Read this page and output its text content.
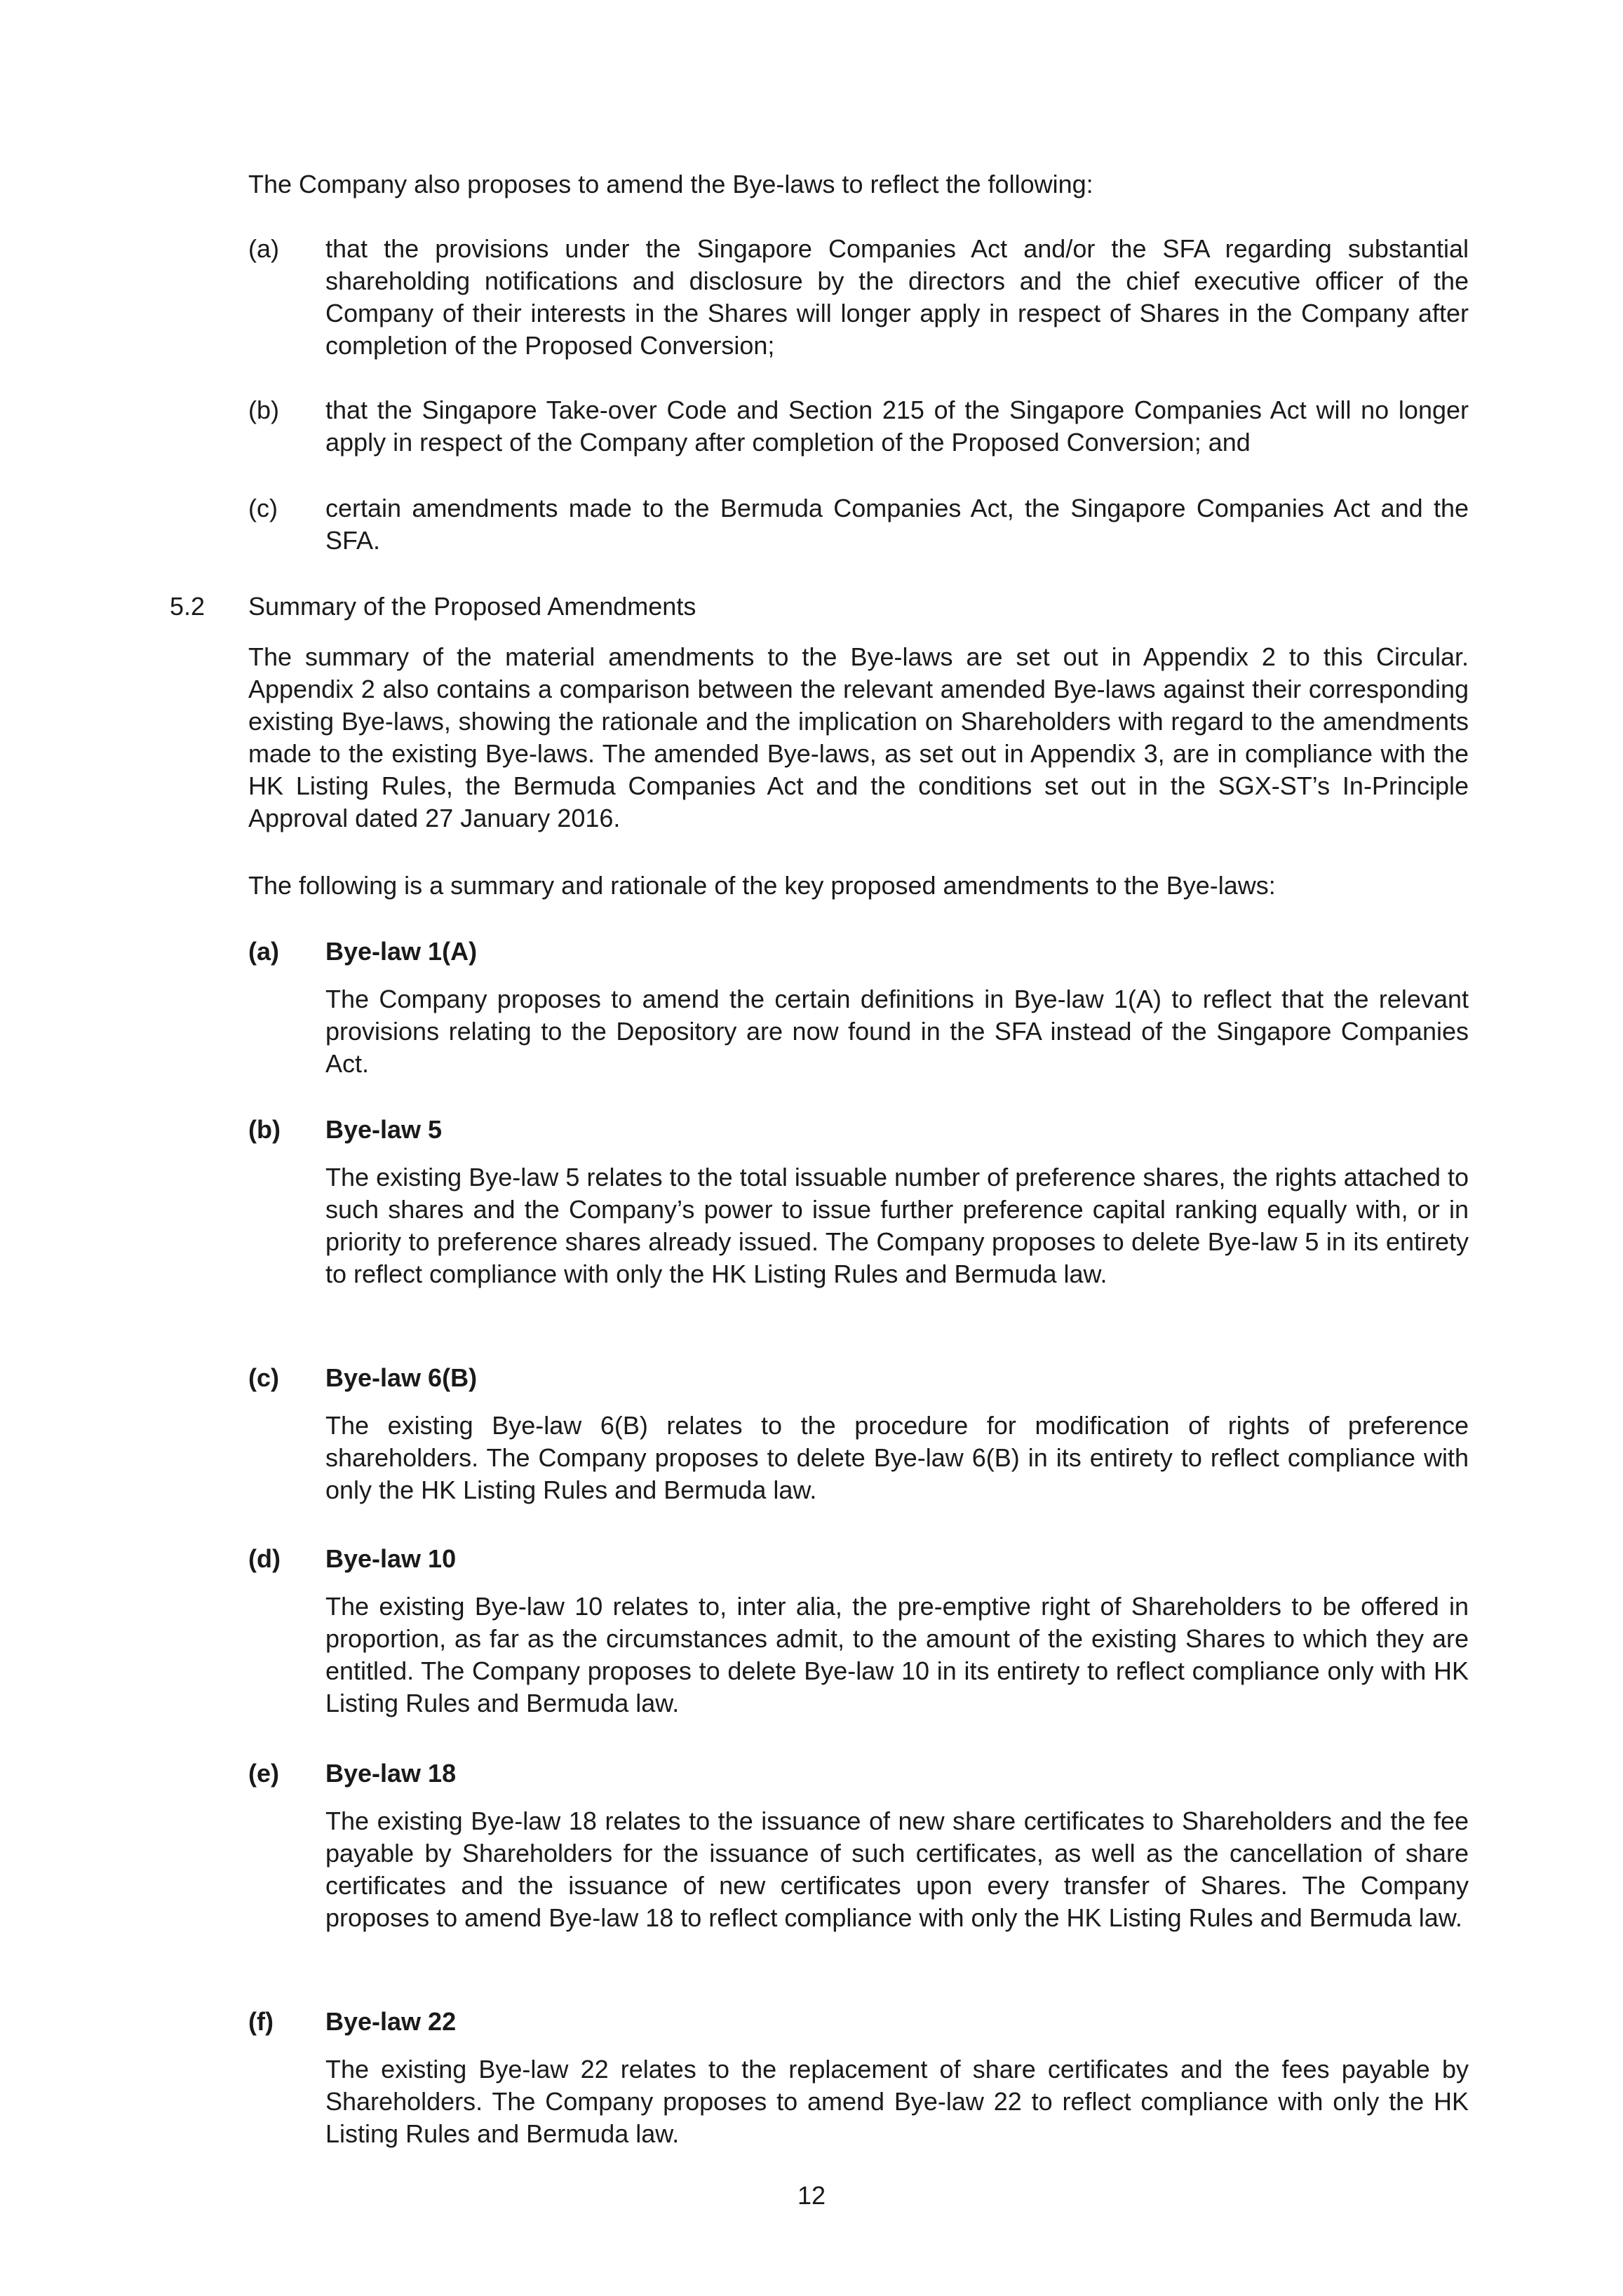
The Company also proposes to amend the Bye-laws to reflect the following:

(a)	that the provisions under the Singapore Companies Act and/or the SFA regarding substantial shareholding notifications and disclosure by the directors and the chief executive officer of the Company of their interests in the Shares will longer apply in respect of Shares in the Company after completion of the Proposed Conversion;
(b)	that the Singapore Take-over Code and Section 215 of the Singapore Companies Act will no longer apply in respect of the Company after completion of the Proposed Conversion; and
(c)	certain amendments made to the Bermuda Companies Act, the Singapore Companies Act and the SFA.
5.2 Summary of the Proposed Amendments

The summary of the material amendments to the Bye-laws are set out in Appendix 2 to this Circular. Appendix 2 also contains a comparison between the relevant amended Bye-laws against their corresponding existing Bye-laws, showing the rationale and the implication on Shareholders with regard to the amendments made to the existing Bye-laws. The amended Bye-laws, as set out in Appendix 3, are in compliance with the HK Listing Rules, the Bermuda Companies Act and the conditions set out in the SGX-ST’s In-Principle Approval dated 27 January 2016.

The following is a summary and rationale of the key proposed amendments to the Bye-laws:

(a) Bye-law 1(A)
The Company proposes to amend the certain definitions in Bye-law 1(A) to reflect that the relevant provisions relating to the Depository are now found in the SFA instead of the Singapore Companies Act.
(b) Bye-law 5
The existing Bye-law 5 relates to the total issuable number of preference shares, the rights attached to such shares and the Company’s power to issue further preference capital ranking equally with, or in priority to preference shares already issued. The Company proposes to delete Bye-law 5 in its entirety to reflect compliance with only the HK Listing Rules and Bermuda law.
(c) Bye-law 6(B)
The existing Bye-law 6(B) relates to the procedure for modification of rights of preference shareholders. The Company proposes to delete Bye-law 6(B) in its entirety to reflect compliance with only the HK Listing Rules and Bermuda law.
(d) Bye-law 10
The existing Bye-law 10 relates to, inter alia, the pre-emptive right of Shareholders to be offered in proportion, as far as the circumstances admit, to the amount of the existing Shares to which they are entitled. The Company proposes to delete Bye-law 10 in its entirety to reflect compliance only with HK Listing Rules and Bermuda law.
(e) Bye-law 18
The existing Bye-law 18 relates to the issuance of new share certificates to Shareholders and the fee payable by Shareholders for the issuance of such certificates, as well as the cancellation of share certificates and the issuance of new certificates upon every transfer of Shares. The Company proposes to amend Bye-law 18 to reflect compliance with only the HK Listing Rules and Bermuda law.
(f) Bye-law 22
The existing Bye-law 22 relates to the replacement of share certificates and the fees payable by Shareholders. The Company proposes to amend Bye-law 22 to reflect compliance with only the HK Listing Rules and Bermuda law.
12
